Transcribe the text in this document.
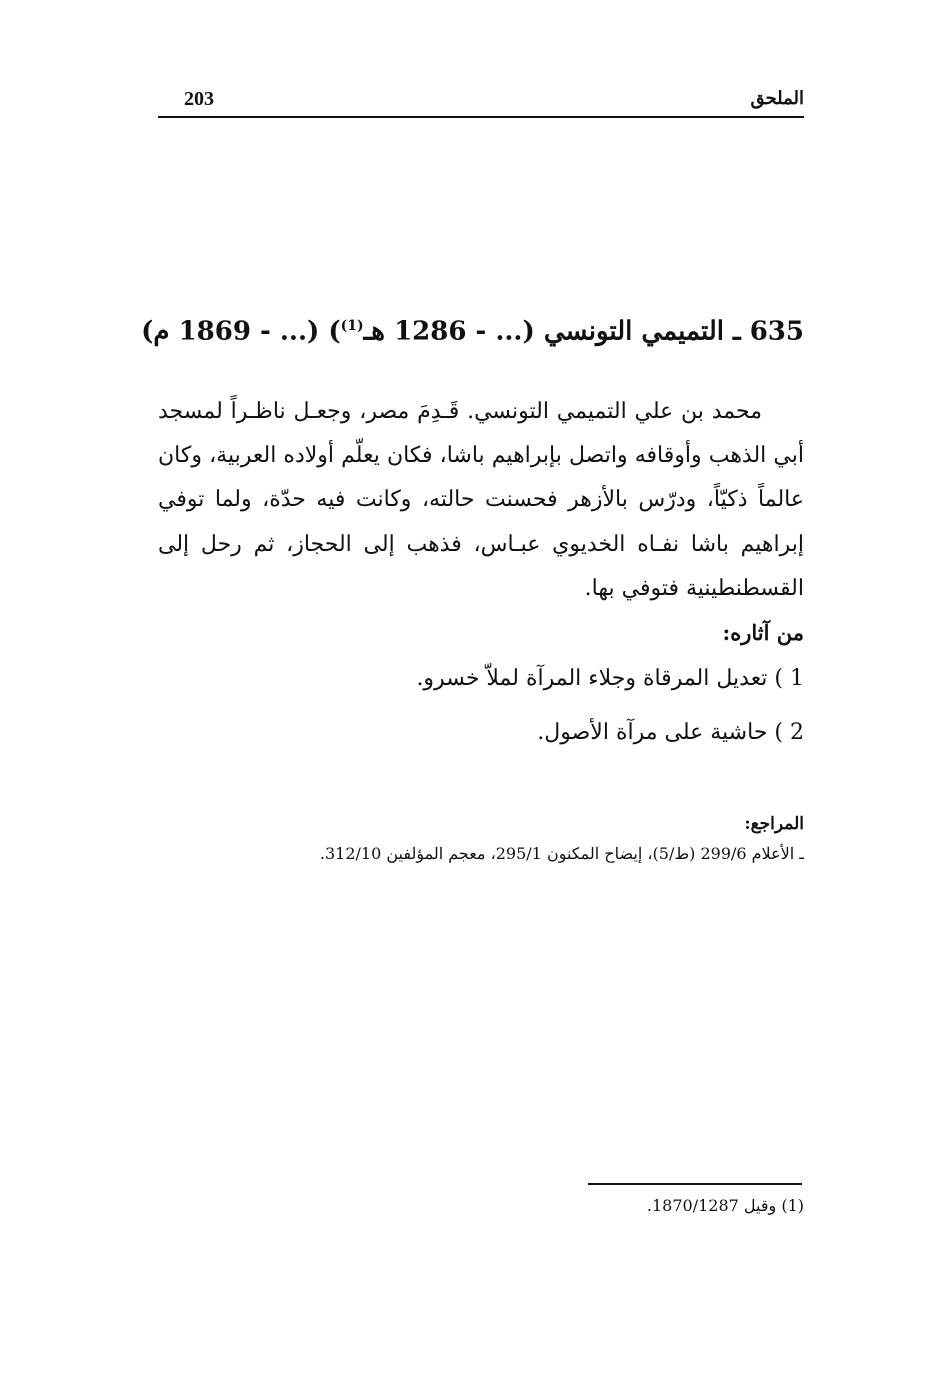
203	الملحق
635 ـ التميمي التونسي (... - 1286 هـ$^{(1)}$) (... - 1869 م)
محمد بن علي التميمي التونسي. قَـدِمَ مصر، وجعـل ناظـراً لمسجد أبي الذهب وأوقافه واتصل بإبراهيم باشا، فكان يعلّم أولاده العربية، وكان عالماً ذكيّاً، ودرّس بالأزهر فحسنت حالته، وكانت فيه حدّة، ولما توفي إبراهيم باشا نفـاه الخديوي عبـاس، فذهب إلى الحجاز، ثم رحل إلى القسطنطينية فتوفي بها.
من آثاره:
1 ) تعديل المرقاة وجلاء المرآة لملاّ خسرو.
2 ) حاشية على مرآة الأصول.
المراجع:
ـ الأعلام 299/6 (ط/5)، إيضاح المكنون 295/1، معجم المؤلفين 312/10.
(1) وقيل 1870/1287.
